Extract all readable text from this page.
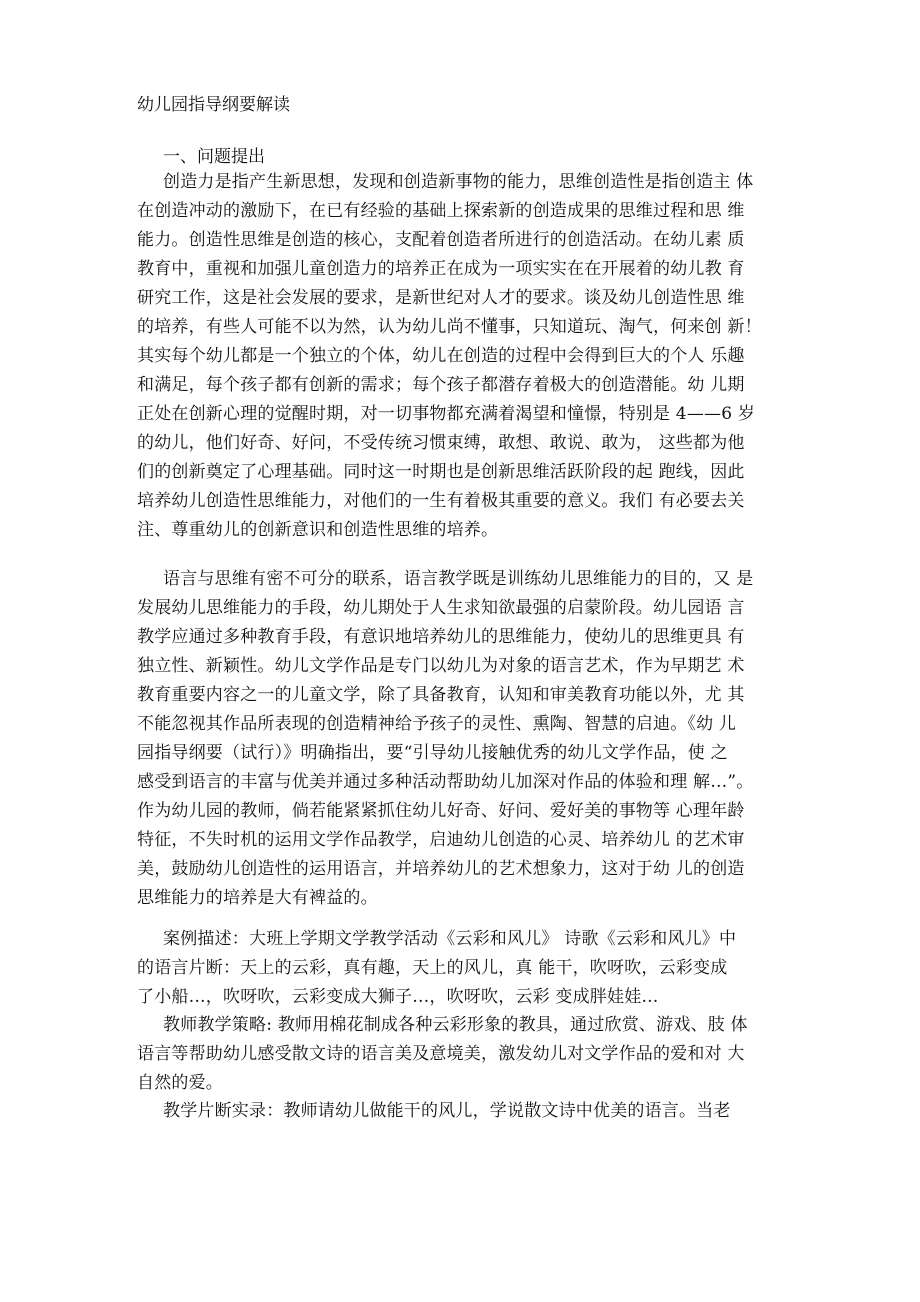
幼儿园指导纲要解读
一、问题提出
创造力是指产生新思想，发现和创造新事物的能力，思维创造性是指创造主 体
在创造冲动的激励下，在已有经验的基础上探索新的创造成果的思维过程和思 维
能力。创造性思维是创造的核心，支配着创造者所进行的创造活动。在幼儿素 质
教育中，重视和加强儿童创造力的培养正在成为一项实实在在开展着的幼儿教 育
研究工作，这是社会发展的要求，是新世纪对人才的要求。谈及幼儿创造性思 维
的培养，有些人可能不以为然，认为幼儿尚不懂事，只知道玩、淘气，何来创 新！
其实每个幼儿都是一个独立的个体，幼儿在创造的过程中会得到巨大的个人 乐趣
和满足，每个孩子都有创新的需求；每个孩子都潜存着极大的创造潜能。幼 儿期
正处在创新心理的觉醒时期，对一切事物都充满着渴望和憧憬，特别是 4——6 岁
的幼儿，他们好奇、好问，不受传统习惯束缚，敢想、敢说、敢为， 这些都为他
们的创新奠定了心理基础。同时这一时期也是创新思维活跃阶段的起 跑线，因此
培养幼儿创造性思维能力，对他们的一生有着极其重要的意义。我们 有必要去关
注、尊重幼儿的创新意识和创造性思维的培养。
语言与思维有密不可分的联系，语言教学既是训练幼儿思维能力的目的，又 是
发展幼儿思维能力的手段，幼儿期处于人生求知欲最强的启蒙阶段。幼儿园语 言
教学应通过多种教育手段，有意识地培养幼儿的思维能力，使幼儿的思维更具 有
独立性、新颖性。幼儿文学作品是专门以幼儿为对象的语言艺术，作为早期艺 术
教育重要内容之一的儿童文学，除了具备教育，认知和审美教育功能以外，尤 其
不能忽视其作品所表现的创造精神给予孩子的灵性、熏陶、智慧的启迪。《幼 儿
园指导纲要（试行）》明确指出，要“引导幼儿接触优秀的幼儿文学作品，使 之
感受到语言的丰富与优美并通过多种活动帮助幼儿加深对作品的体验和理 解…”。
作为幼儿园的教师，倘若能紧紧抓住幼儿好奇、好问、爱好美的事物等 心理年龄
特征，不失时机的运用文学作品教学，启迪幼儿创造的心灵、培养幼儿 的艺术审
美，鼓励幼儿创造性的运用语言，并培养幼儿的艺术想象力，这对于幼 儿的创造
思维能力的培养是大有裨益的。
案例描述：大班上学期文学教学活动《云彩和风儿》 诗歌《云彩和风儿》中
的语言片断：天上的云彩，真有趣，天上的风儿，真 能干，吹呀吹，云彩变成
了小船…，吹呀吹，云彩变成大狮子…，吹呀吹，云彩 变成胖娃娃…
教师教学策略: 教师用棉花制成各种云彩形象的教具，通过欣赏、游戏、肢 体
语言等帮助幼儿感受散文诗的语言美及意境美，激发幼儿对文学作品的爱和对 大
自然的爱。
教学片断实录：教师请幼儿做能干的风儿，学说散文诗中优美的语言。当老
